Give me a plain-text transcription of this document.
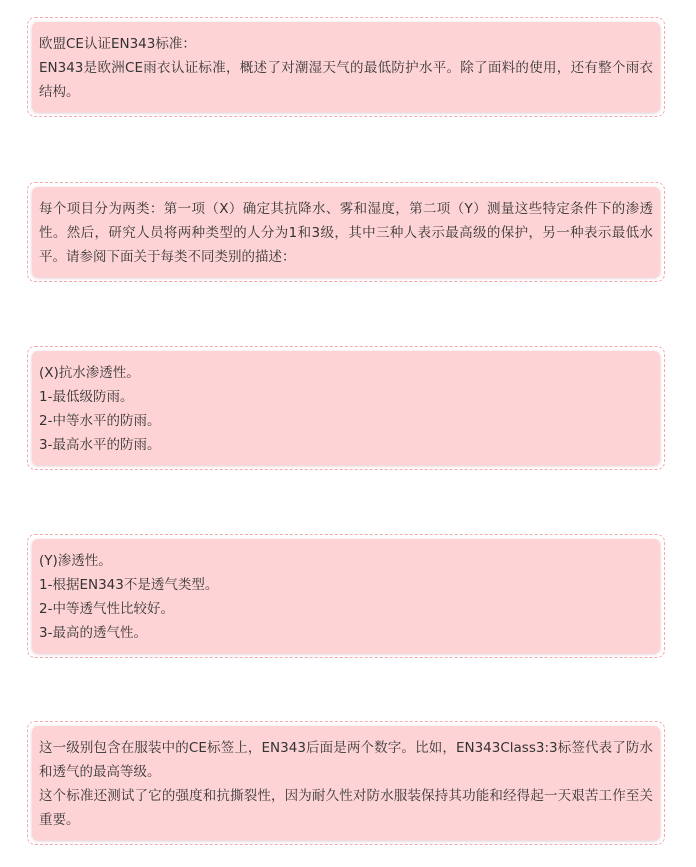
欧盟CE认证EN343标准：
EN343是欧洲CE雨衣认证标准，概述了对潮湿天气的最低防护水平。除了面料的使用，还有整个雨衣结构。
每个项目分为两类：第一项（X）确定其抗降水、雾和湿度，第二项（Y）测量这些特定条件下的渗透性。然后，研究人员将两种类型的人分为1和3级，其中三种人表示最高级的保护，另一种表示最低水平。请参阅下面关于每类不同类别的描述：
(X)抗水渗透性。
1-最低级防雨。
2-中等水平的防雨。
3-最高水平的防雨。
(Y)渗透性。
1-根据EN343不是透气类型。
2-中等透气性比较好。
3-最高的透气性。
这一级别包含在服装中的CE标签上，EN343后面是两个数字。比如，EN343Class3:3标签代表了防水和透气的最高等级。
这个标准还测试了它的强度和抗撕裂性，因为耐久性对防水服装保持其功能和经得起一天艰苦工作至关重要。
